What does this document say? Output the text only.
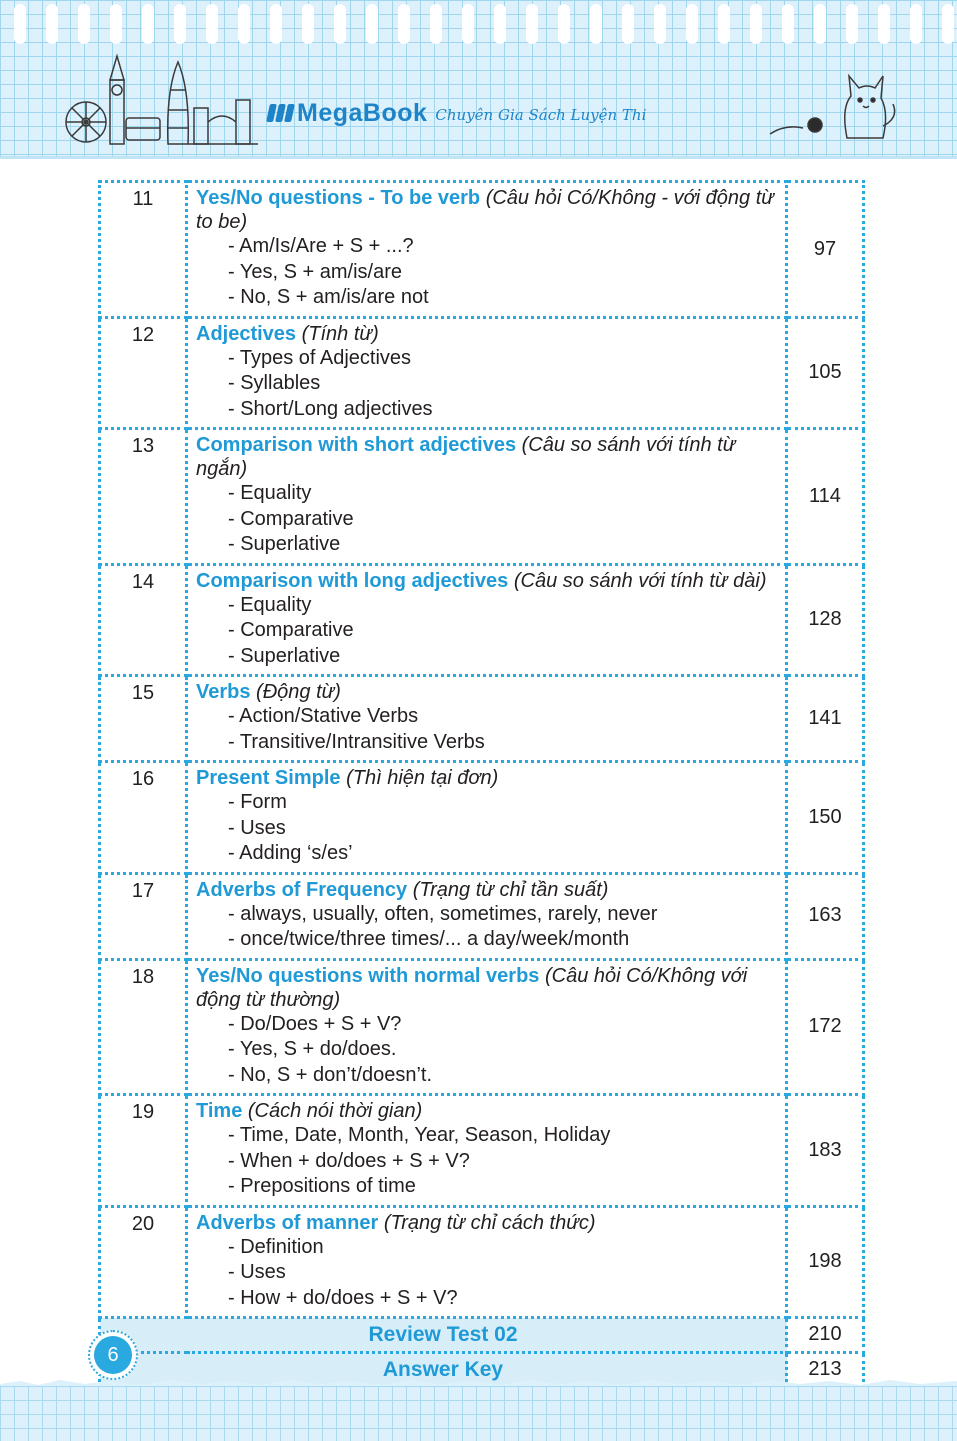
MegaBook Chuyên Gia Sách Luyện Thi
11	Yes/No questions - To be verb (Câu hỏi Có/Không - với động từ to be)
- Am/Is/Are + S + ...?
- Yes, S + am/is/are
- No, S + am/is/are not	97
12	Adjectives (Tính từ)
- Types of Adjectives
- Syllables
- Short/Long adjectives	105
13	Comparison with short adjectives (Câu so sánh với tính từ ngắn)
- Equality
- Comparative
- Superlative	114
14	Comparison with long adjectives (Câu so sánh với tính từ dài)
- Equality
- Comparative
- Superlative	128
15	Verbs (Động từ)
- Action/Stative Verbs
- Transitive/Intransitive Verbs	141
16	Present Simple (Thì hiện tại đơn)
- Form
- Uses
- Adding ‘s/es’	150
17	Adverbs of Frequency (Trạng từ chỉ tần suất)
- always, usually, often, sometimes, rarely, never
- once/twice/three times/... a day/week/month	163
18	Yes/No questions with normal verbs (Câu hỏi Có/Không với động từ thường)
- Do/Does + S + V?
- Yes, S + do/does.
- No, S + don’t/doesn’t.	172
19	Time (Cách nói thời gian)
- Time, Date, Month, Year, Season, Holiday
- When + do/does + S + V?
- Prepositions of time	183
20	Adverbs of manner (Trạng từ chỉ cách thức)
- Definition
- Uses
- How + do/does + S + V?	198
Review Test 02		210
Answer Key		213
6
